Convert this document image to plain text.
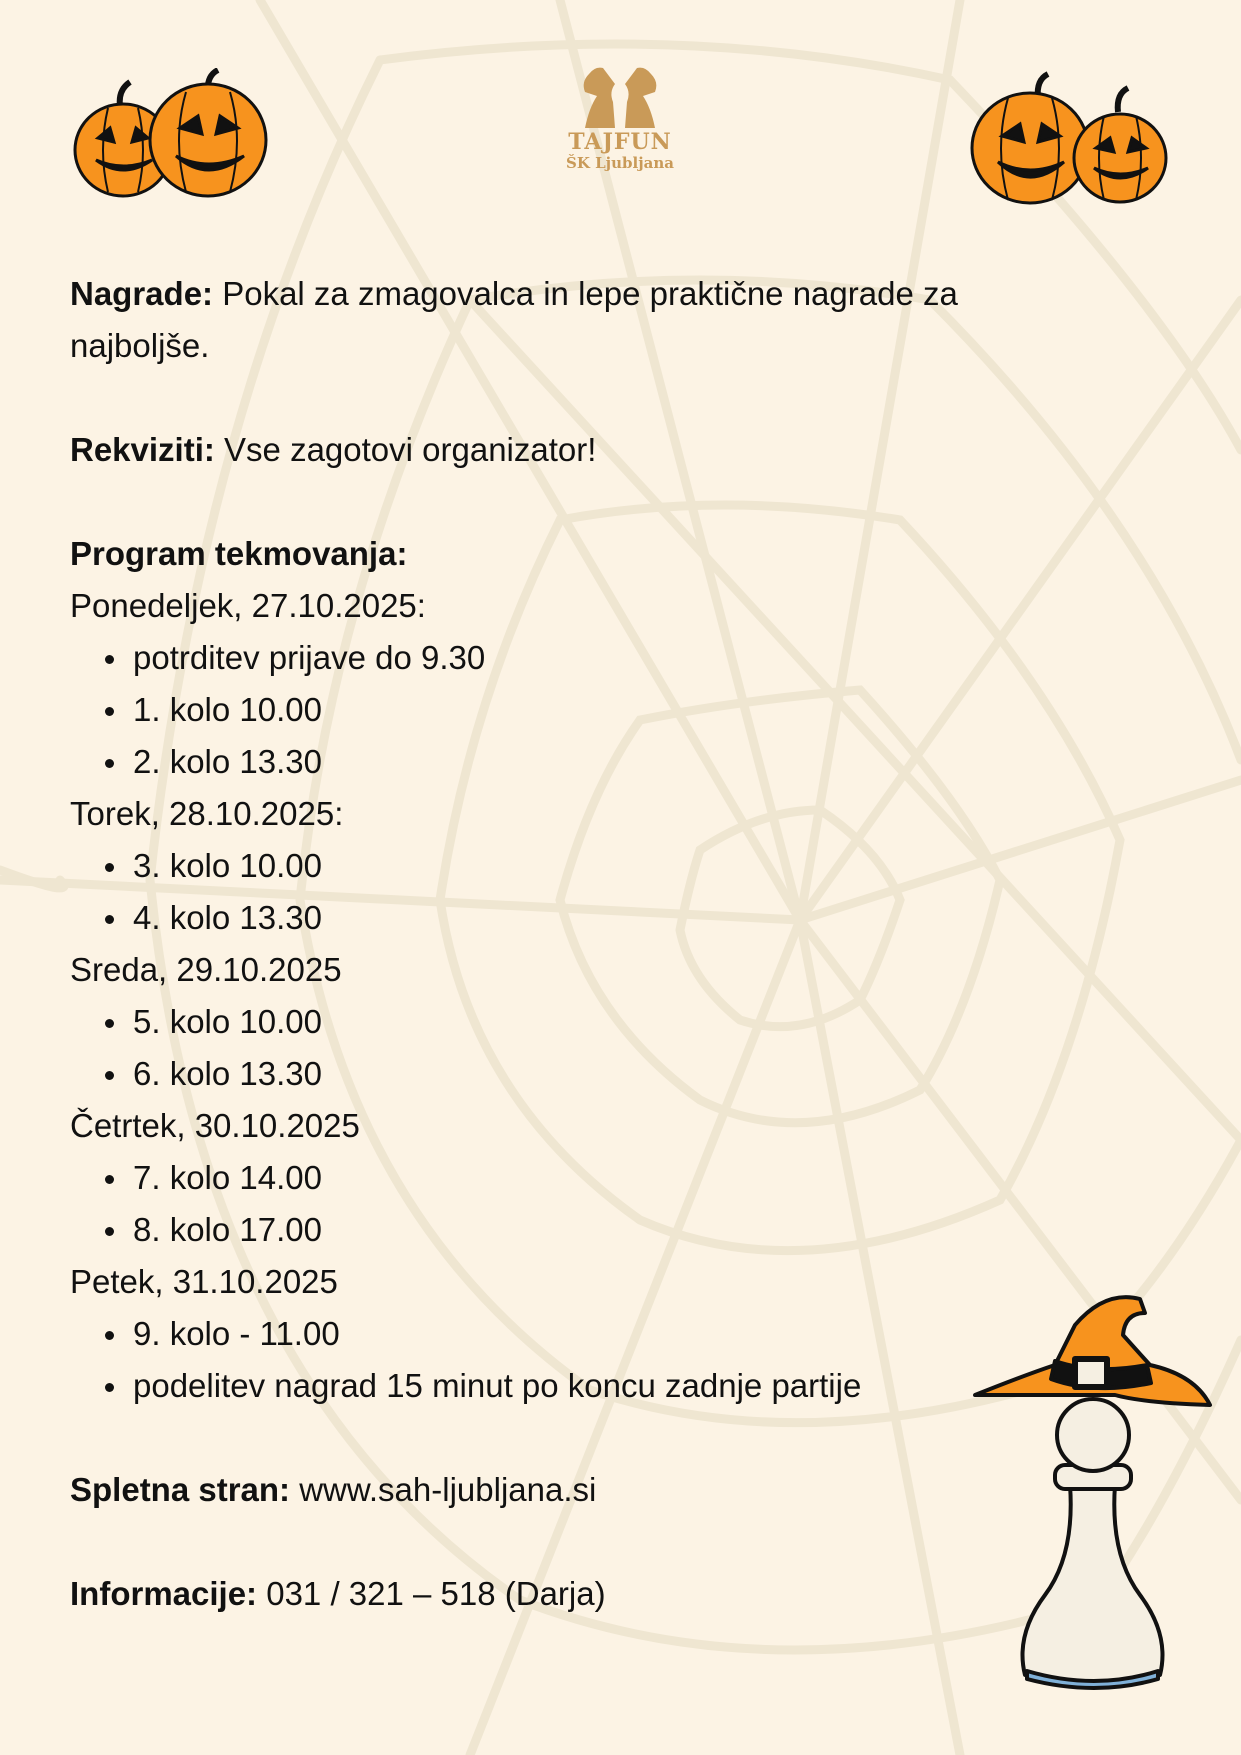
TAJFUN
ŠK Ljubljana

Nagrade: Pokal za zmagovalca in lepe praktične nagrade za
najboljše.

Rekviziti: Vse zagotovi organizator!

Program tekmovanja:

Ponedeljek, 27.10.2025:

potrditev prijave do 9.30
1. kolo 10.00
2. kolo 13.30

Torek, 28.10.2025:

3. kolo 10.00
4. kolo 13.30

Sreda, 29.10.2025

5. kolo 10.00
6. kolo 13.30

Četrtek, 30.10.2025

7. kolo 14.00
8. kolo 17.00

Petek, 31.10.2025

9. kolo - 11.00
podelitev nagrad 15 minut po koncu zadnje partije

Spletna stran: www.sah-ljubljana.si

Informacije: 031 / 321 – 518 (Darja)
